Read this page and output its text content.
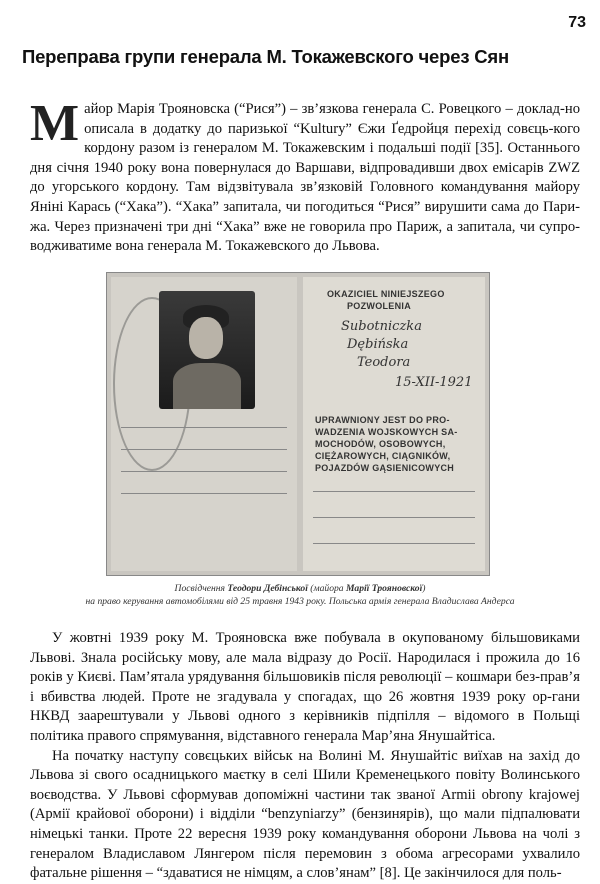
73
Переправа групи генерала М. Токажевского через Сян
М айор Марія Трояновска (“Рися”) – зв’язкова генерала С. Ровецкого – доклад-но описала в додатку до паризької “Kultury” Єжи Ґедройця перехід совєць-кого кордону разом із генералом М. Токажевским і подальші події [35]. Останнього дня січня 1940 року вона повернулася до Варшави, відпровадивши двох емісарів ZWZ до угорського кордону. Там вiдзвiтувала зв’язковій Головного командування майору Яніні Карась (“Хака”). “Хака” запитала, чи погодиться “Рися” вирушити сама до Пари-жа. Через призначені три дні “Хака” вже не говорила про Париж, а запитала, чи супро-водживатиме вона генерала М. Токажевского до Львова.

OKAZICIEL NINIEJSZEGO
POZWOLENIA
Subotniczka
Dębińska
Teodora
15-XII-1921
UPRAWNIONY JEST DO PRO-
WADZENIA WOJSKOWYCH SA-
MOCHODÓW, OSOBOWYCH,
CIĘŻAROWYCH, CIĄGNIKÓW,
POJAZDÓW GĄSIENICOWYCH

Посвідчення Теодори Дебінської (майора Марії Трояновскої)
на право керування автомобілями від 25 травня 1943 року. Польська армія генерала Владислава Андерса

У жовтні 1939 року М. Трояновска вже побувала в окупованому більшовиками Львові. Знала російську мову, але мала відразу до Росії. Народилася і прожила до 16 років у Києві. Пам’ятала урядування більшовиків після революції – кошмари без-прав’я і вбивства людей. Проте не згадувала у спогадах, що 26 жовтня 1939 року ор-гани НКВД заарештували у Львові одного з керівників підпілля – відомого в Польщі політика правого спрямування, відставного генерала Мар’яна Янушайтіса.

На початку наступу совєцьких військ на Волині М. Янушайтіс виїхав на захід до Львова зі свого осадницького маєтку в селі Шили Кременецького повіту Волинського воєводства. У Львові сформував допоміжні частини так званої Armii obrony krajowej (Армії крайової оборони) і відділи “benzyniarzy” (бензинярів), що мали підпалювати німецькі танки. Проте 22 вересня 1939 року командування оборони Львова на чолі з генералом Владиславом Лянгером після перемовин з обома агресорами ухвалило фатальне рішення – “здаватися не німцям, а слов’янам” [8]. Це закінчилося для поль-
